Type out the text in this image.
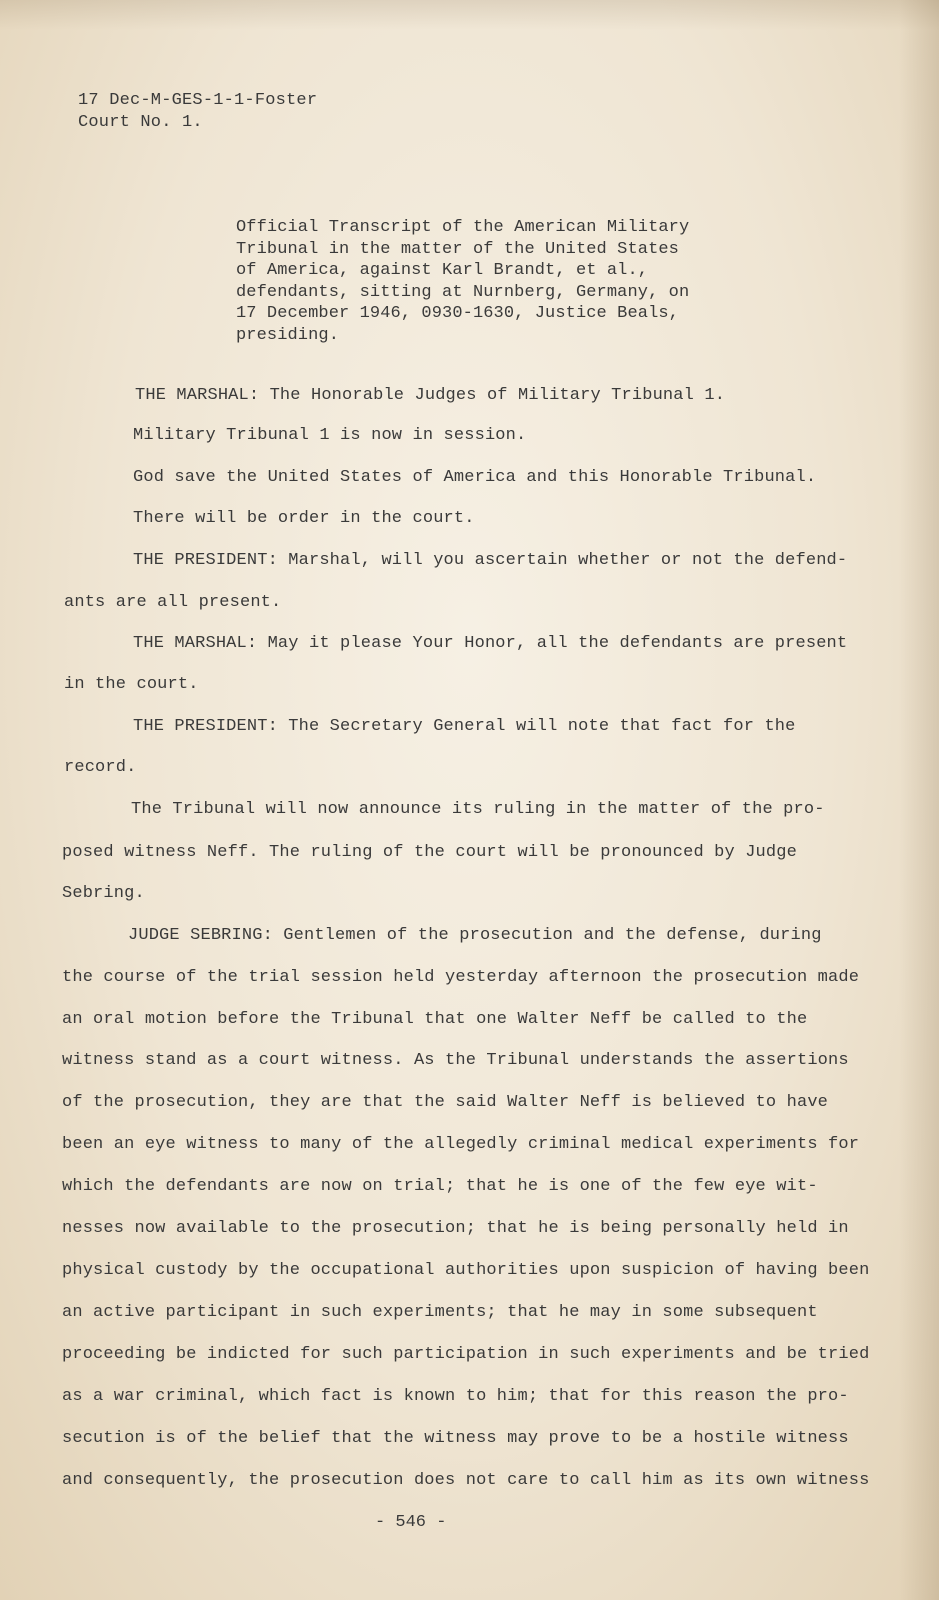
17 Dec-M-GES-1-1-Foster
Court No. 1.
Official Transcript of the American Military
Tribunal in the matter of the United States
of America, against Karl Brandt, et al.,
defendants, sitting at Nurnberg, Germany, on
17 December 1946, 0930-1630, Justice Beals,
presiding.
THE MARSHAL: The Honorable Judges of Military Tribunal 1.
Military Tribunal 1 is now in session.
God save the United States of America and this Honorable Tribunal.
There will be order in the court.
THE PRESIDENT: Marshal, will you ascertain whether or not the defend-
ants are all present.
THE MARSHAL: May it please Your Honor, all the defendants are present
in the court.
THE PRESIDENT: The Secretary General will note that fact for the
record.
The Tribunal will now announce its ruling in the matter of the pro-
posed witness Neff. The ruling of the court will be pronounced by Judge
Sebring.
JUDGE SEBRING: Gentlemen of the prosecution and the defense, during
the course of the trial session held yesterday afternoon the prosecution made
an oral motion before the Tribunal that one Walter Neff be called to the
witness stand as a court witness. As the Tribunal understands the assertions
of the prosecution, they are that the said Walter Neff is believed to have
been an eye witness to many of the allegedly criminal medical experiments for
which the defendants are now on trial; that he is one of the few eye wit-
nesses now available to the prosecution; that he is being personally held in
physical custody by the occupational authorities upon suspicion of having been
an active participant in such experiments; that he may in some subsequent
proceeding be indicted for such participation in such experiments and be tried
as a war criminal, which fact is known to him; that for this reason the pro-
secution is of the belief that the witness may prove to be a hostile witness
and consequently, the prosecution does not care to call him as its own witness
- 546 -
